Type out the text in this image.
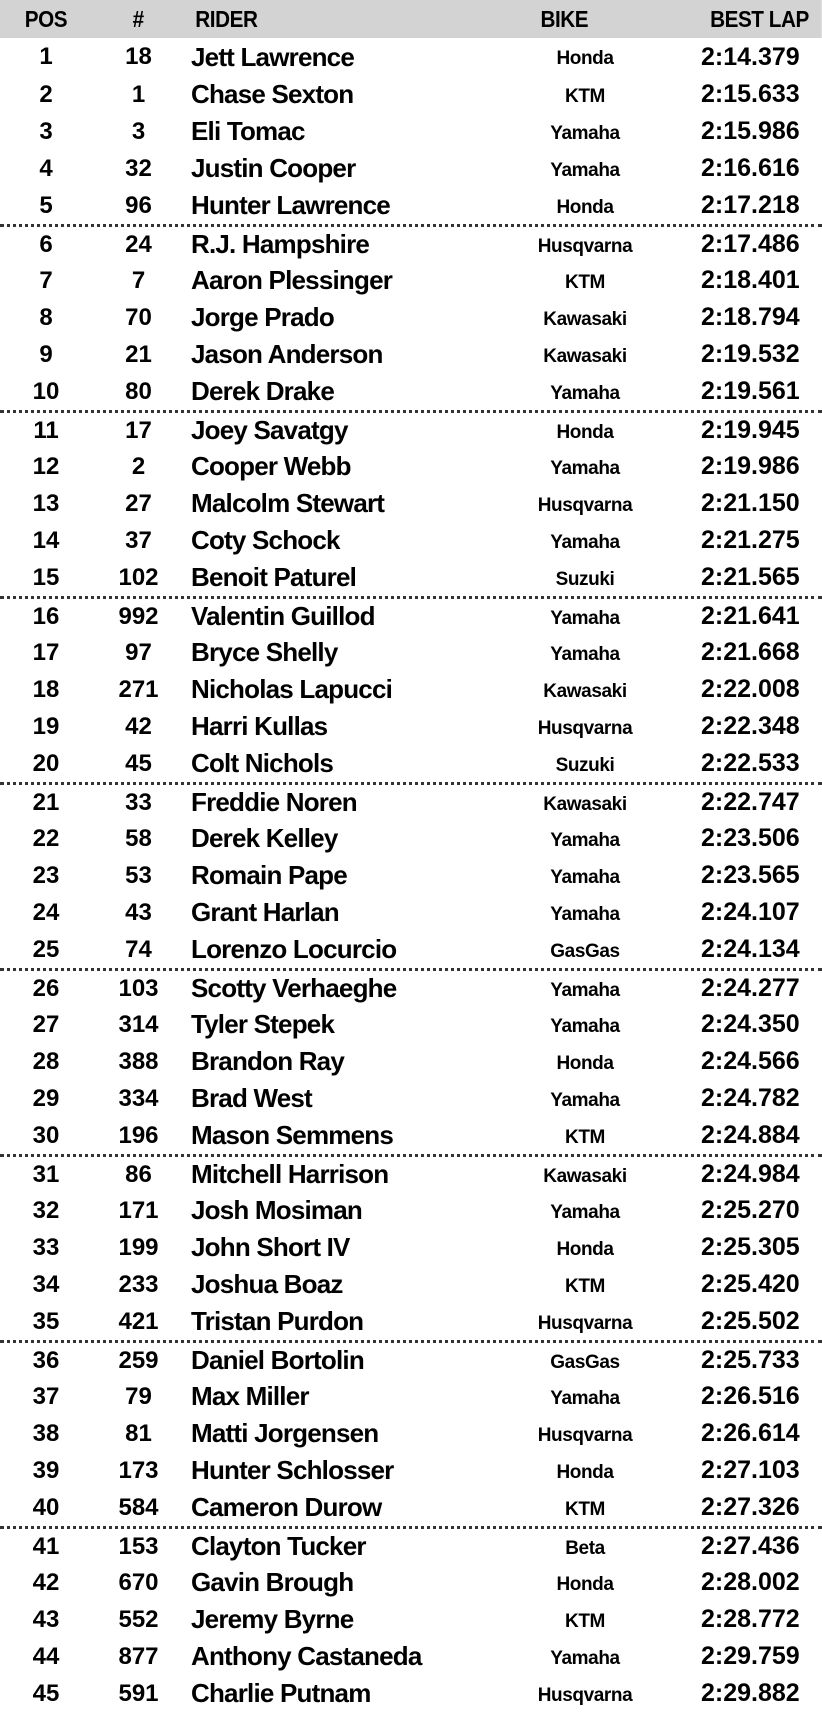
POS	#	RIDER	BIKE	BEST LAP
1	18	Jett Lawrence	Honda	2:14.379
2	1	Chase Sexton	KTM	2:15.633
3	3	Eli Tomac	Yamaha	2:15.986
4	32	Justin Cooper	Yamaha	2:16.616
5	96	Hunter Lawrence	Honda	2:17.218
6	24	R.J. Hampshire	Husqvarna	2:17.486
7	7	Aaron Plessinger	KTM	2:18.401
8	70	Jorge Prado	Kawasaki	2:18.794
9	21	Jason Anderson	Kawasaki	2:19.532
10	80	Derek Drake	Yamaha	2:19.561
11	17	Joey Savatgy	Honda	2:19.945
12	2	Cooper Webb	Yamaha	2:19.986
13	27	Malcolm Stewart	Husqvarna	2:21.150
14	37	Coty Schock	Yamaha	2:21.275
15	102	Benoit Paturel	Suzuki	2:21.565
16	992	Valentin Guillod	Yamaha	2:21.641
17	97	Bryce Shelly	Yamaha	2:21.668
18	271	Nicholas Lapucci	Kawasaki	2:22.008
19	42	Harri Kullas	Husqvarna	2:22.348
20	45	Colt Nichols	Suzuki	2:22.533
21	33	Freddie Noren	Kawasaki	2:22.747
22	58	Derek Kelley	Yamaha	2:23.506
23	53	Romain Pape	Yamaha	2:23.565
24	43	Grant Harlan	Yamaha	2:24.107
25	74	Lorenzo Locurcio	GasGas	2:24.134
26	103	Scotty Verhaeghe	Yamaha	2:24.277
27	314	Tyler Stepek	Yamaha	2:24.350
28	388	Brandon Ray	Honda	2:24.566
29	334	Brad West	Yamaha	2:24.782
30	196	Mason Semmens	KTM	2:24.884
31	86	Mitchell Harrison	Kawasaki	2:24.984
32	171	Josh Mosiman	Yamaha	2:25.270
33	199	John Short IV	Honda	2:25.305
34	233	Joshua Boaz	KTM	2:25.420
35	421	Tristan Purdon	Husqvarna	2:25.502
36	259	Daniel Bortolin	GasGas	2:25.733
37	79	Max Miller	Yamaha	2:26.516
38	81	Matti Jorgensen	Husqvarna	2:26.614
39	173	Hunter Schlosser	Honda	2:27.103
40	584	Cameron Durow	KTM	2:27.326
41	153	Clayton Tucker	Beta	2:27.436
42	670	Gavin Brough	Honda	2:28.002
43	552	Jeremy Byrne	KTM	2:28.772
44	877	Anthony Castaneda	Yamaha	2:29.759
45	591	Charlie Putnam	Husqvarna	2:29.882
